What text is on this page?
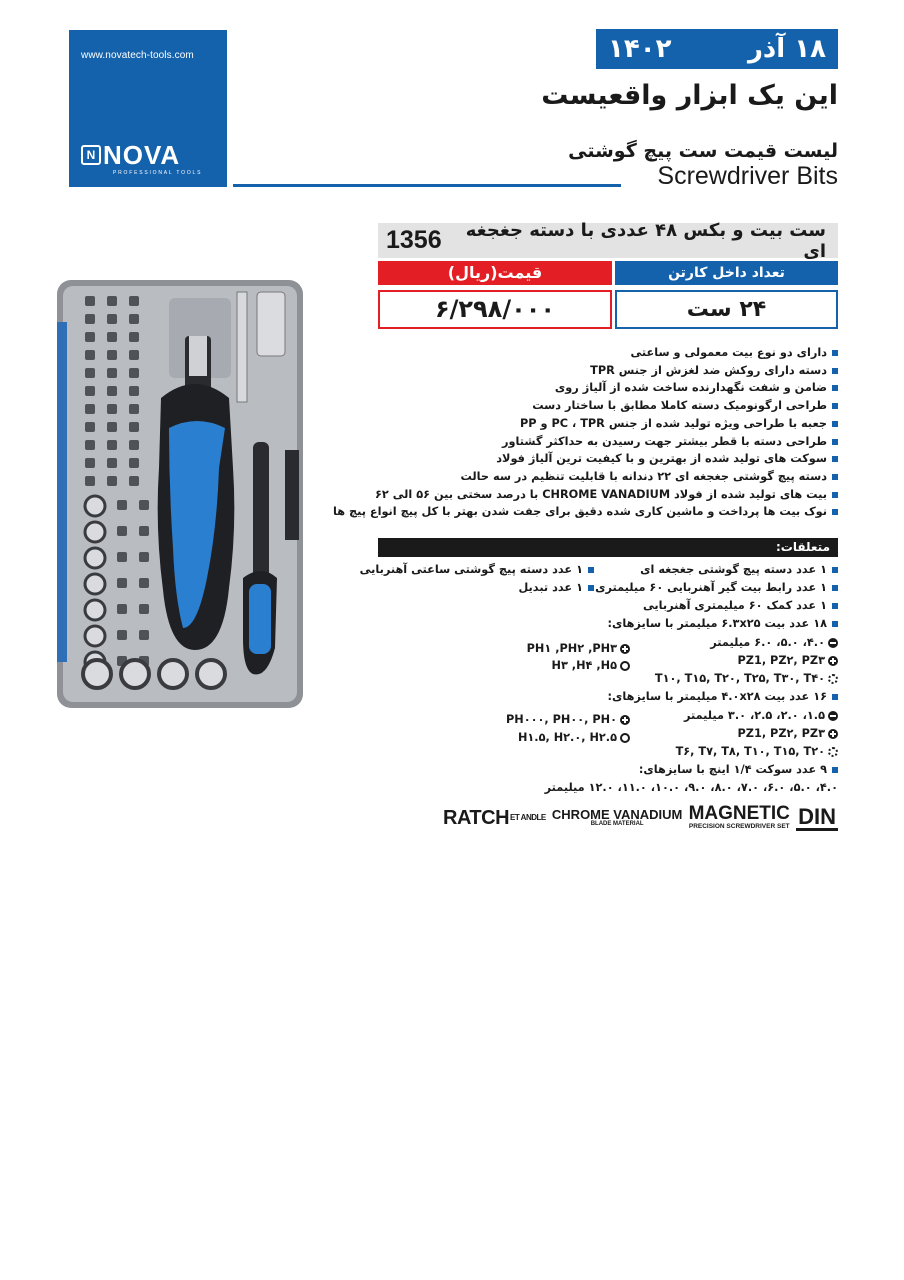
www.novatech-tools.com
N NOVA
PROFESSIONAL TOOLS
۱۸ آذر
۱۴۰۲
این یک ابزار واقعیست
لیست قیمت ست پیچ گوشتی
Screwdriver Bits
ست بیت و بکس ۴۸ عددی با دسته جغجغه ای
1356
تعداد داخل کارتن
قیمت(ریال)
۲۴ ست
۶/۲۹۸/۰۰۰
دارای دو نوع بیت معمولی و ساعتی
دسته دارای روکش ضد لغزش از جنس TPR
ضامن و شفت نگهدارنده ساخت شده از آلیاژ روی
طراحی ارگونومیک دسته کاملا مطابق با ساختار دست
جعبه با طراحی ویژه تولید شده از جنس PC ، TPR و PP
طراحی دسته با قطر بیشتر جهت رسیدن به حداکثر گشتاور
سوکت های تولید شده از بهترین و با کیفیت ترین آلیاژ فولاد
دسته پیچ گوشتی جغجغه ای ۲۲ دندانه با قابلیت تنظیم در سه حالت
بیت های تولید شده از فولاد CHROME VANADIUM با درصد سختی بین ۵۶ الی ۶۲
نوک بیت ها پرداخت و ماشین کاری شده دقیق برای جفت شدن بهتر با کل پیچ انواع پیچ ها
متعلقات:
۱ عدد دسته پیچ گوشتی جغجغه ای
۱ عدد رابط بیت گیر آهنربایی ۶۰ میلیمتری
۱ عدد کمک ۶۰ میلیمتری آهنربایی
۱۸ عدد بیت ۶.۳x۲۵ میلیمتر با سایزهای:
۱ عدد دسته پیچ گوشتی ساعتی آهنربایی
۱ عدد تبدیل
۴.۰، ۵.۰، ۶.۰ میلیمتر
PZ1, PZ۲, PZ۳
T۱۰, T۱۵, T۲۰, T۲۵, T۳۰, T۴۰
PH۱ ,PH۲ ,PH۳
H۳ ,H۴ ,H۵
۱۶ عدد بیت ۴.۰x۲۸ میلیمتر با سایزهای:
۱.۵، ۲.۰، ۲.۵، ۳.۰ میلیمتر
PZ1, PZ۲, PZ۳
T۶, T۷, T۸, T۱۰, T۱۵, T۲۰
PH۰۰۰, PH۰۰, PH۰
H۱.۵, H۲.۰, H۲.۵
۹ عدد سوکت ۱/۴ اینچ با سایزهای:
۴.۰، ۵.۰، ۶.۰، ۷.۰، ۸.۰، ۹.۰، ۱۰.۰، ۱۱.۰، ۱۲.۰ میلیمتر
RATCH ET ANDLE CHROME VANADIUM
BLADE MATERIAL	MAGNETIC
PRECISION SCREWDRIVER SET DIN
